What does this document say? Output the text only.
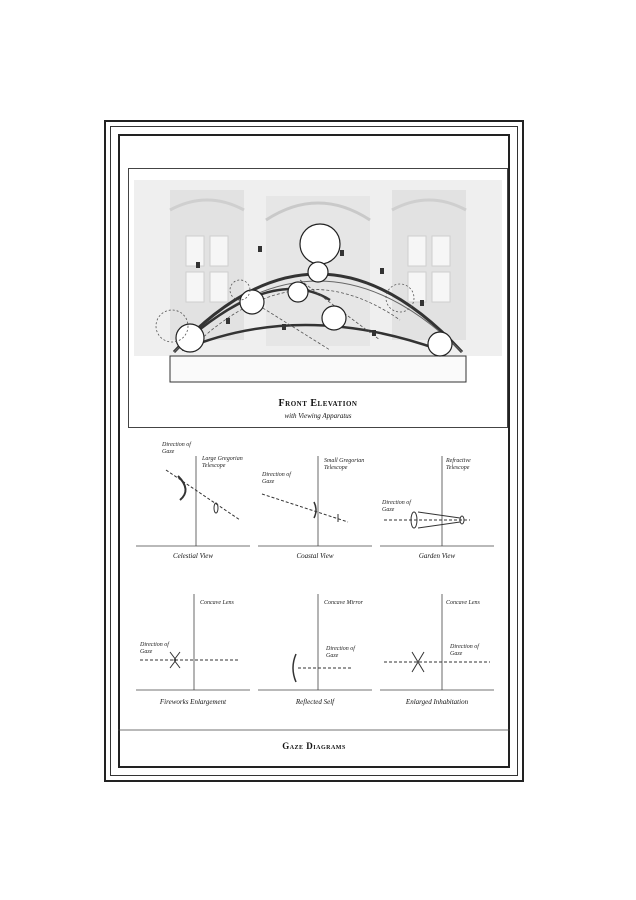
Front Elevation
with Viewing Apparatus
Direction of Gaze
Large Gregorian Telescope
Direction of Gaze
Small Gregorian Telescope
Direction of Gaze
Refractive Telescope
Celestial View	Coastal View	Garden View
Direction of Gaze
Concave Lens
Direction of Gaze
Concave Mirror
Direction of Gaze
Concave Lens
Fireworks Enlargement	Reflected Self	Enlarged Inhabitation
Gaze Diagrams
